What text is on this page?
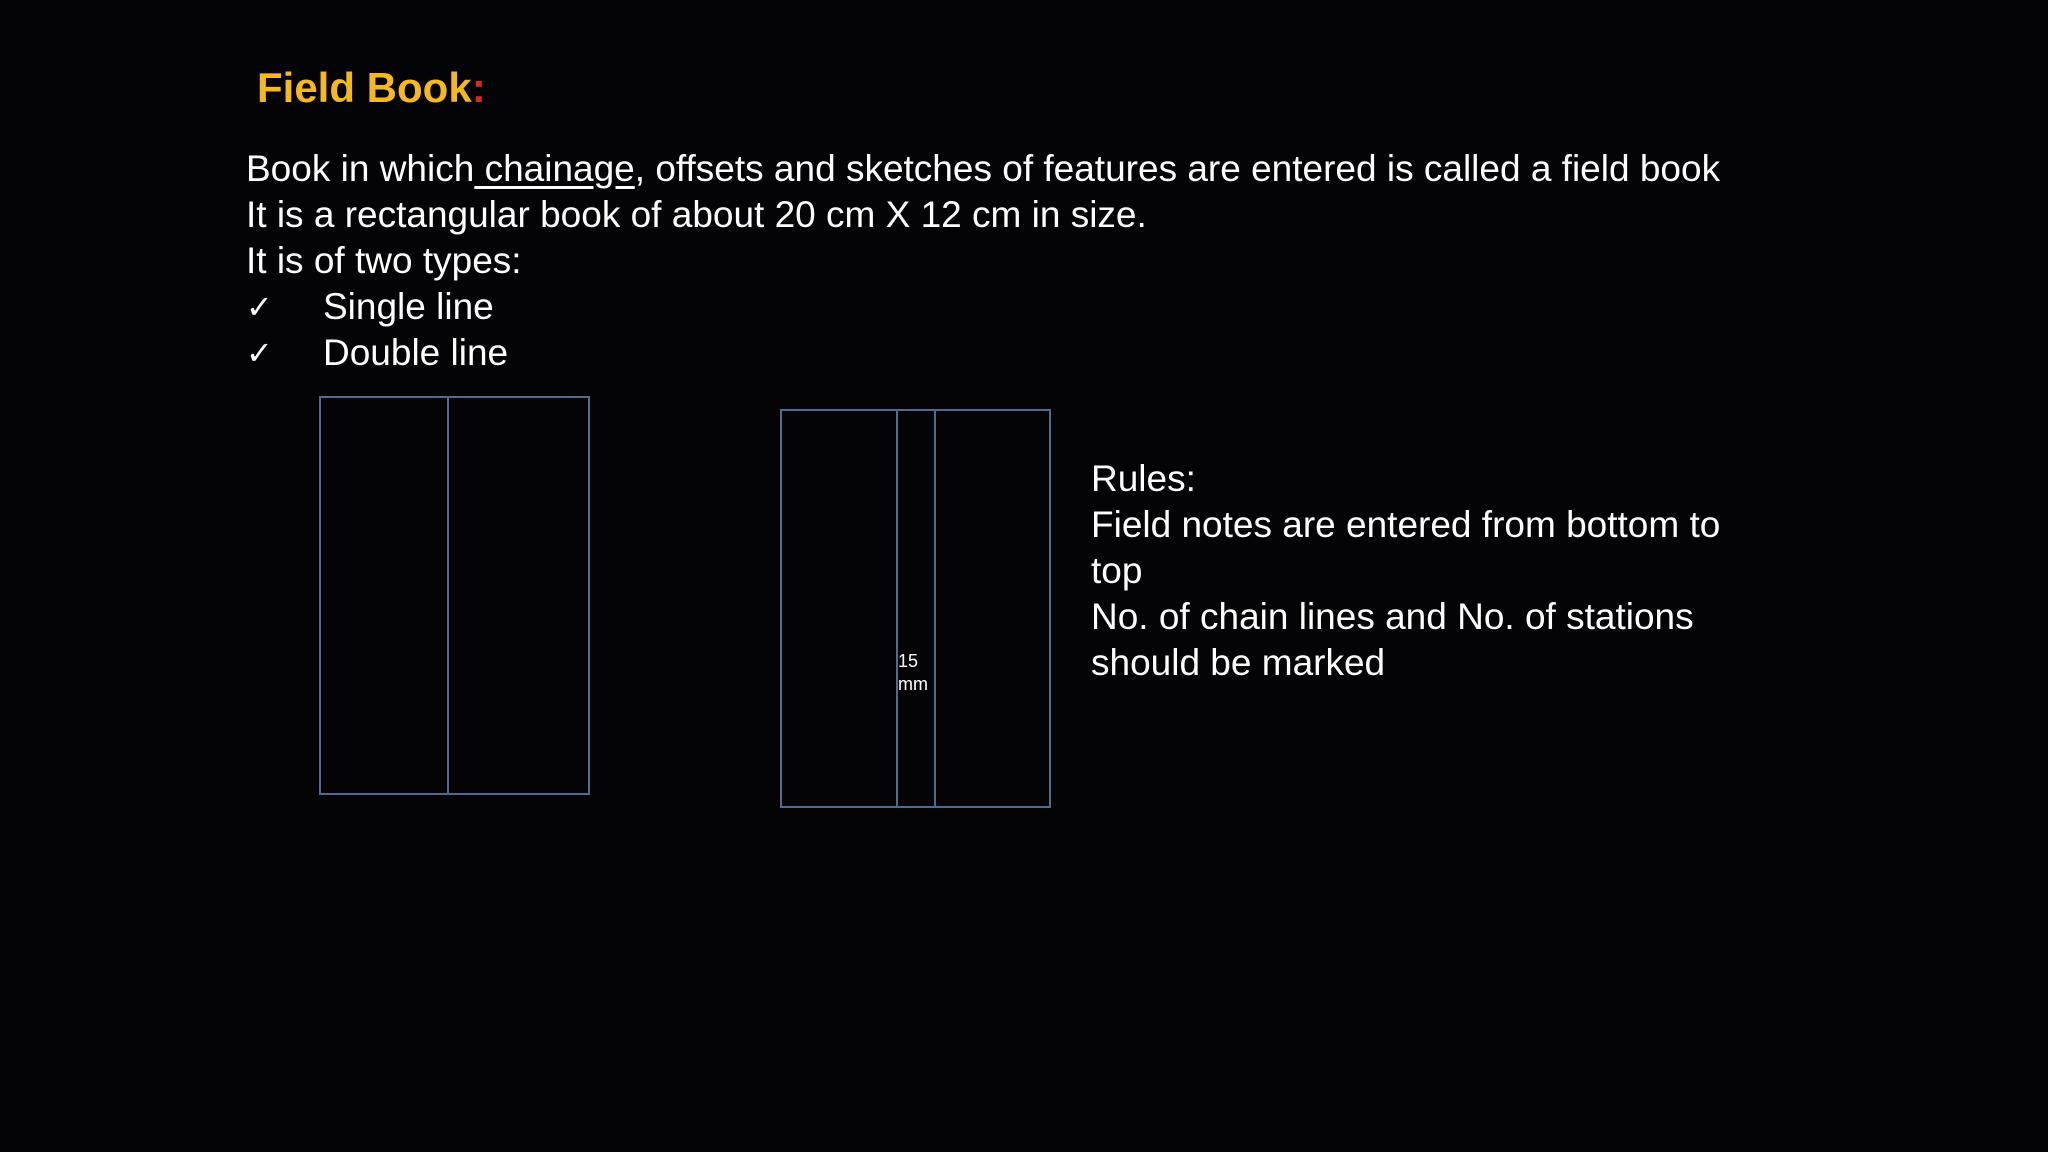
Field Book:
Book in which chainage, offsets and sketches of features are entered is called a field book
It is a rectangular book of about 20 cm X 12 cm in size.
It is of two types:
✓	Single line
✓	Double line
15
mm
Rules:
Field notes are entered from bottom to
top
No. of chain lines and No. of stations
should be marked
